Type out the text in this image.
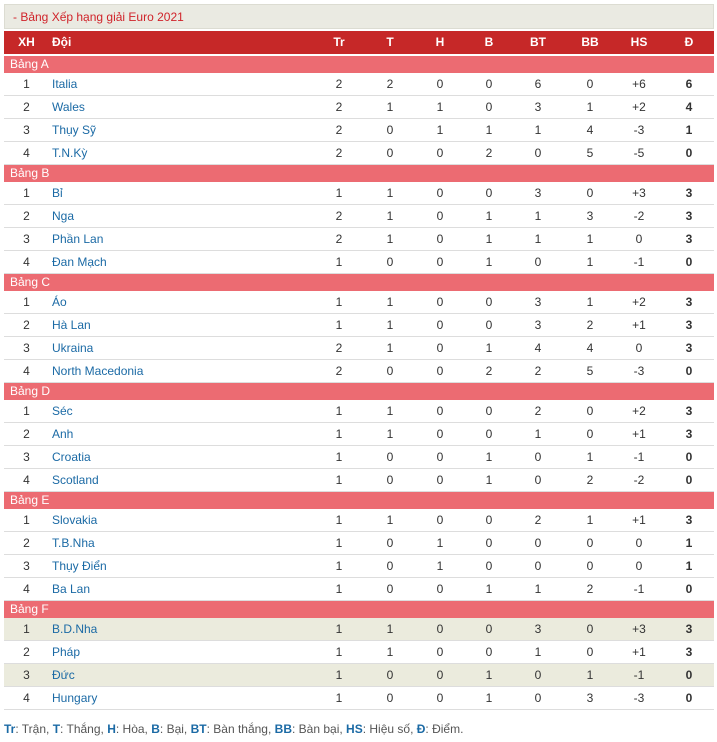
- Bảng Xếp hạng giải Euro 2021
XH	Đội	Tr	T	H	B	BT	BB	HS	Đ
Bảng A
1	Italia	2	2	0	0	6	0	+6	6
2	Wales	2	1	1	0	3	1	+2	4
3	Thụy Sỹ	2	0	1	1	1	4	-3	1
4	T.N.Kỳ	2	0	0	2	0	5	-5	0
Bảng B
1	Bỉ	1	1	0	0	3	0	+3	3
2	Nga	2	1	0	1	1	3	-2	3
3	Phần Lan	2	1	0	1	1	1	0	3
4	Đan Mạch	1	0	0	1	0	1	-1	0
Bảng C
1	Áo	1	1	0	0	3	1	+2	3
2	Hà Lan	1	1	0	0	3	2	+1	3
3	Ukraina	2	1	0	1	4	4	0	3
4	North Macedonia	2	0	0	2	2	5	-3	0
Bảng D
1	Séc	1	1	0	0	2	0	+2	3
2	Anh	1	1	0	0	1	0	+1	3
3	Croatia	1	0	0	1	0	1	-1	0
4	Scotland	1	0	0	1	0	2	-2	0
Bảng E
1	Slovakia	1	1	0	0	2	1	+1	3
2	T.B.Nha	1	0	1	0	0	0	0	1
3	Thụy Điển	1	0	1	0	0	0	0	1
4	Ba Lan	1	0	0	1	1	2	-1	0
Bảng F
1	B.D.Nha	1	1	0	0	3	0	+3	3
2	Pháp	1	1	0	0	1	0	+1	3
3	Đức	1	0	0	1	0	1	-1	0
4	Hungary	1	0	0	1	0	3	-3	0
Tr: Trận, T: Thắng, H: Hòa, B: Bại, BT: Bàn thắng, BB: Bàn bại, HS: Hiệu số, Đ: Điểm.
